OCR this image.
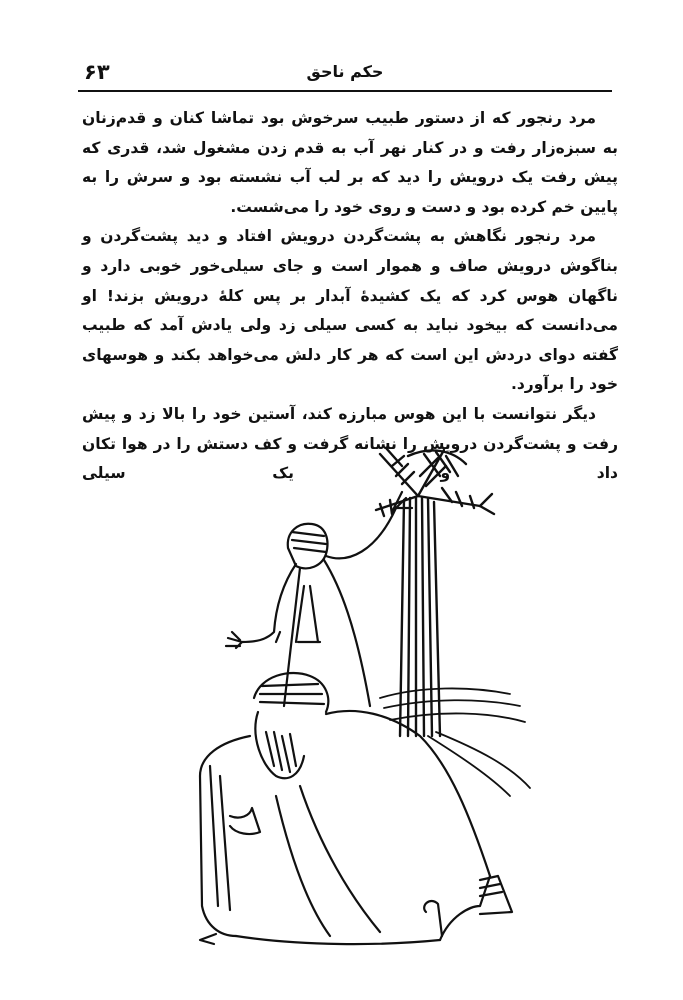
۶۳	حکم ناحق

مرد رنجور که از دستور طبیب سرخوش بود تماشا کنان و قدم‌زنان به سبزه‌زار رفت و در کنار نهر آب به قدم زدن مشغول شد، قدری که پیش رفت یک درویش را دید که بر لب آب نشسته بود و سرش را به پایین خم کرده بود و دست و روی خود را می‌شست.

مرد رنجور نگاهش به پشت‌گردن درویش افتاد و دید پشت‌گردن و بناگوش درویش صاف و هموار است و جای سیلی‌خور خوبی دارد و ناگهان هوس کرد که یک کشیدهٔ آبدار بر پس کلهٔ درویش بزند! او می‌دانست که بیخود نباید به کسی سیلی زد ولی یادش آمد که طبیب گفته دوای دردش این است که هر کار دلش می‌خواهد بکند و هوسهای خود را برآورد.

دیگر نتوانست با این هوس مبارزه کند، آستین خود را بالا زد و پیش رفت و پشت‌گردن درویش را نشانه گرفت و کف دستش را در هوا تکان داد و یک سیلی
